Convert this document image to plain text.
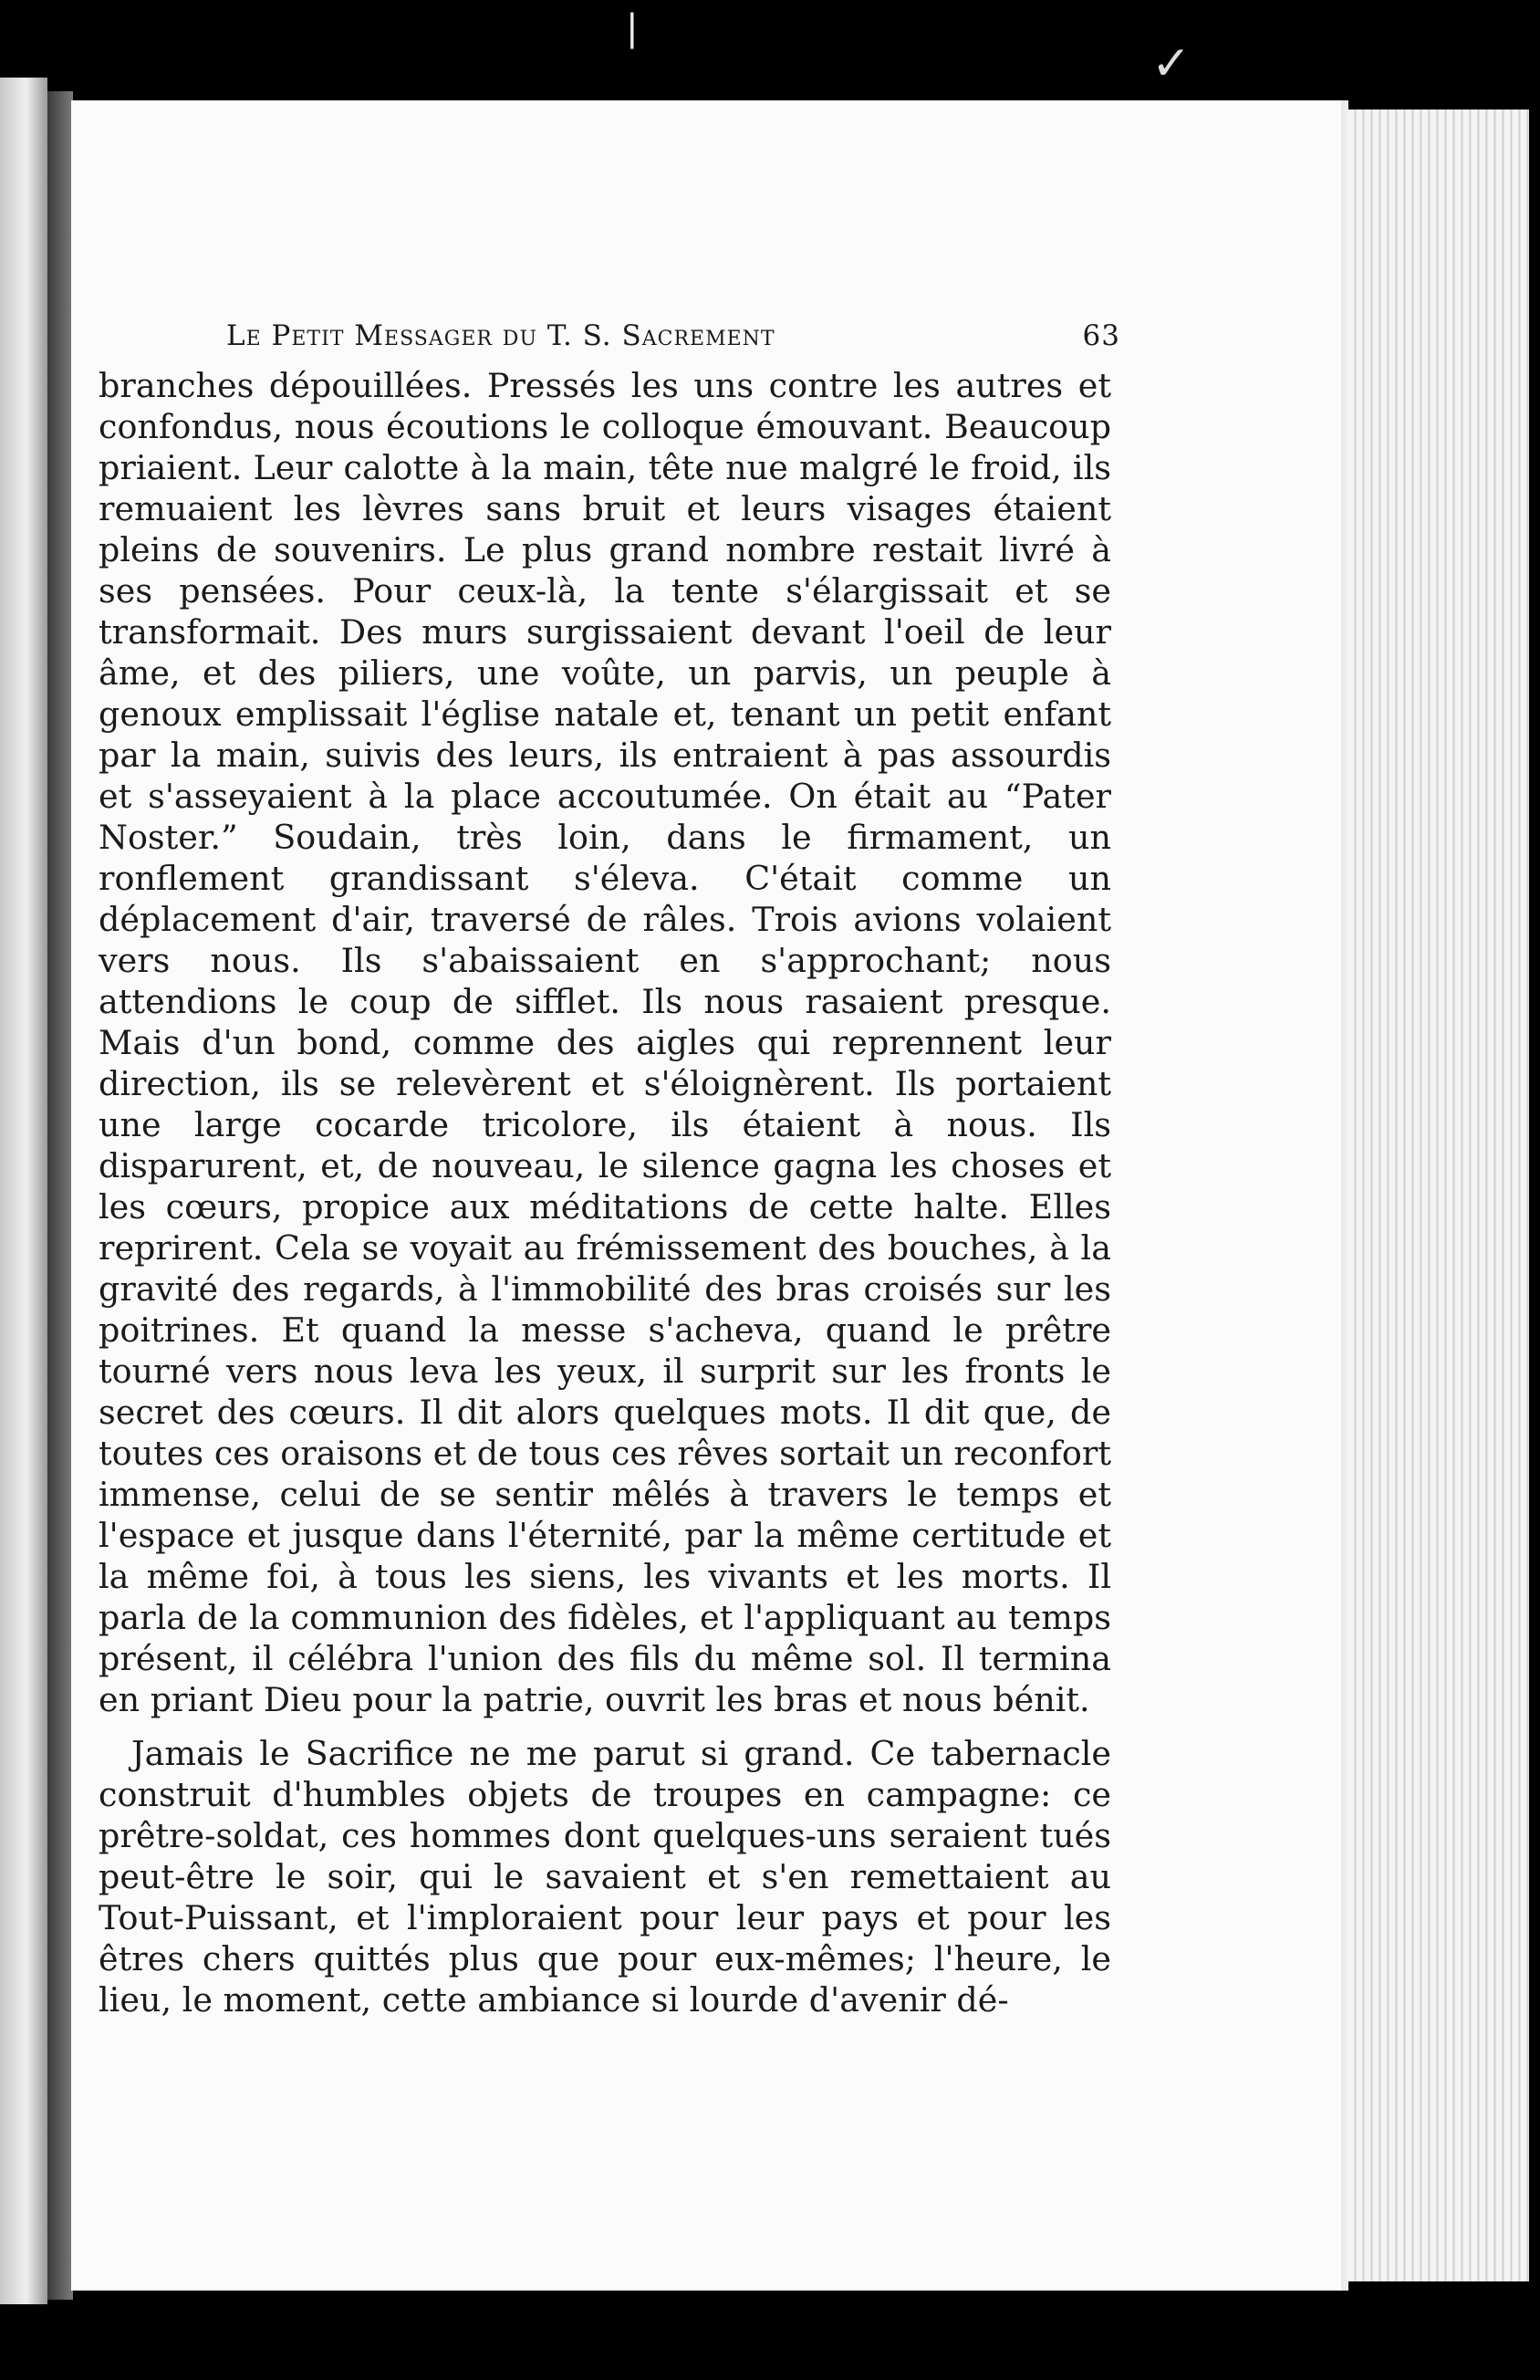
❘
✓
Le Petit Messager du T. S. Sacrement	63

branches dépouillées. Pressés les uns contre les autres et confondus, nous écoutions le colloque émouvant. Beaucoup priaient. Leur calotte à la main, tête nue malgré le froid, ils remuaient les lèvres sans bruit et leurs visages étaient pleins de souvenirs. Le plus grand nombre restait livré à ses pensées. Pour ceux-là, la tente s'élargissait et se transformait. Des murs surgissaient devant l'oeil de leur âme, et des piliers, une voûte, un parvis, un peuple à genoux emplissait l'église natale et, tenant un petit enfant par la main, suivis des leurs, ils entraient à pas assourdis et s'asseyaient à la place accoutumée. On était au “Pater Noster.” Soudain, très loin, dans le firmament, un ronflement grandissant s'éleva. C'était comme un déplacement d'air, traversé de râles. Trois avions volaient vers nous. Ils s'abaissaient en s'approchant; nous attendions le coup de sifflet. Ils nous rasaient presque. Mais d'un bond, comme des aigles qui reprennent leur direction, ils se relevèrent et s'éloignèrent. Ils portaient une large cocarde tricolore, ils étaient à nous. Ils disparurent, et, de nouveau, le silence gagna les choses et les cœurs, propice aux méditations de cette halte. Elles reprirent. Cela se voyait au frémissement des bouches, à la gravité des regards, à l'immobilité des bras croisés sur les poitrines. Et quand la messe s'acheva, quand le prêtre tourné vers nous leva les yeux, il surprit sur les fronts le secret des cœurs. Il dit alors quelques mots. Il dit que, de toutes ces oraisons et de tous ces rêves sortait un reconfort immense, celui de se sentir mêlés à travers le temps et l'espace et jusque dans l'éternité, par la même certitude et la même foi, à tous les siens, les vivants et les morts. Il parla de la communion des fidèles, et l'appliquant au temps présent, il célébra l'union des fils du même sol. Il termina en priant Dieu pour la patrie, ouvrit les bras et nous bénit.

Jamais le Sacrifice ne me parut si grand. Ce tabernacle construit d'humbles objets de troupes en campagne: ce prêtre-soldat, ces hommes dont quelques-uns seraient tués peut-être le soir, qui le savaient et s'en remettaient au Tout-Puissant, et l'imploraient pour leur pays et pour les êtres chers quittés plus que pour eux-mêmes; l'heure, le lieu, le moment, cette ambiance si lourde d'avenir dé-
